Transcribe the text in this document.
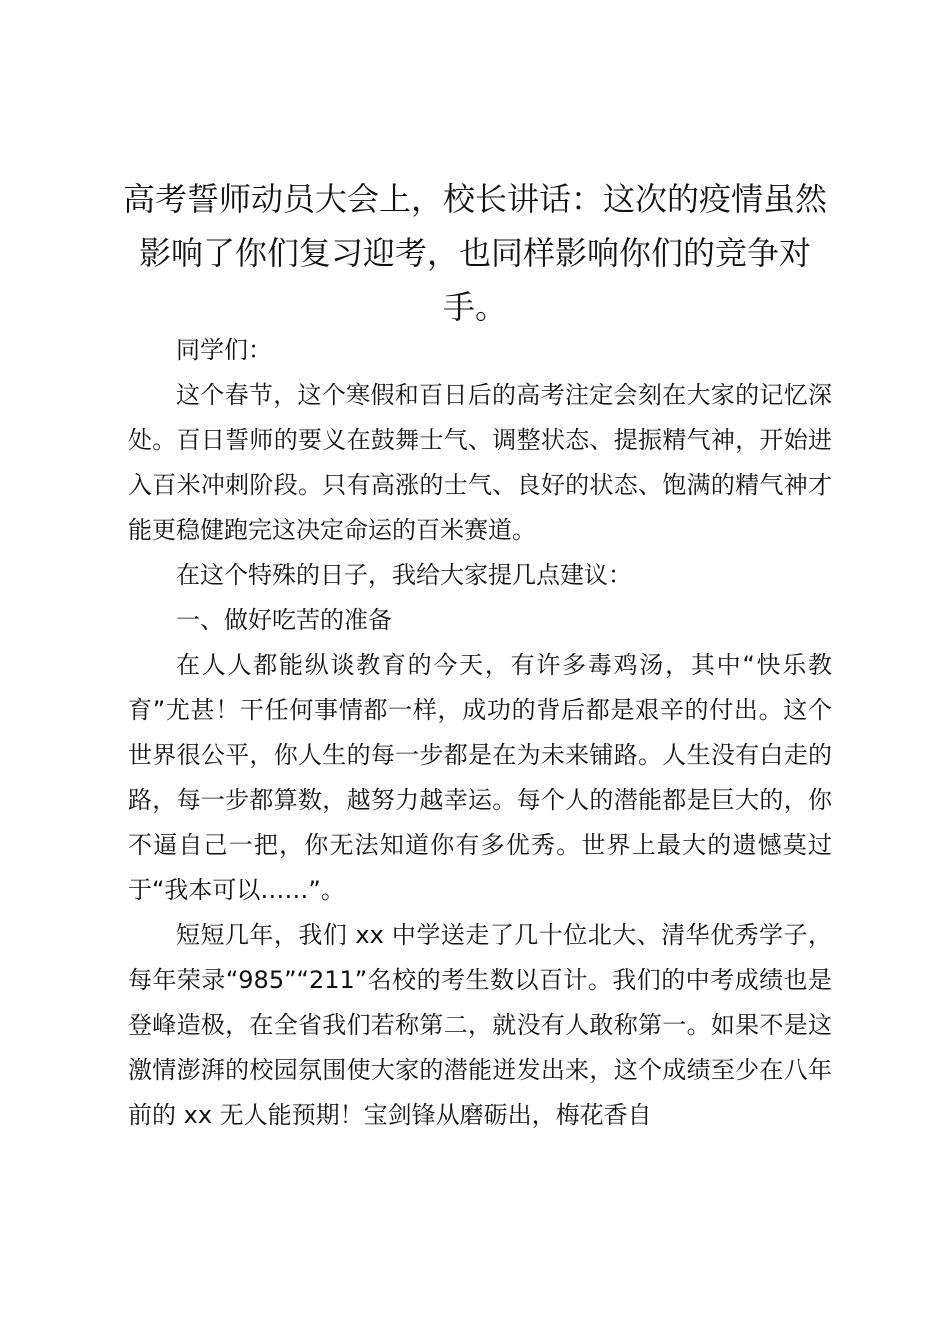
高考誓师动员大会上，校长讲话：这次的疫情虽然影响了你们复习迎考，也同样影响你们的竞争对手。

同学们：

这个春节，这个寒假和百日后的高考注定会刻在大家的记忆深处。百日誓师的要义在鼓舞士气、调整状态、提振精气神，开始进入百米冲刺阶段。只有高涨的士气、良好的状态、饱满的精气神才能更稳健跑完这决定命运的百米赛道。

在这个特殊的日子，我给大家提几点建议：

一、做好吃苦的准备

在人人都能纵谈教育的今天，有许多毒鸡汤，其中“快乐教育”尤甚！干任何事情都一样，成功的背后都是艰辛的付出。这个世界很公平，你人生的每一步都是在为未来铺路。人生没有白走的路，每一步都算数，越努力越幸运。每个人的潜能都是巨大的，你不逼自己一把，你无法知道你有多优秀。世界上最大的遗憾莫过于“我本可以……”。

短短几年，我们 xx 中学送走了几十位北大、清华优秀学子，每年荣录“985”“211”名校的考生数以百计。我们的中考成绩也是登峰造极，在全省我们若称第二，就没有人敢称第一。如果不是这激情澎湃的校园氛围使大家的潜能迸发出来，这个成绩至少在八年前的 xx 无人能预期！宝剑锋从磨砺出，梅花香自
